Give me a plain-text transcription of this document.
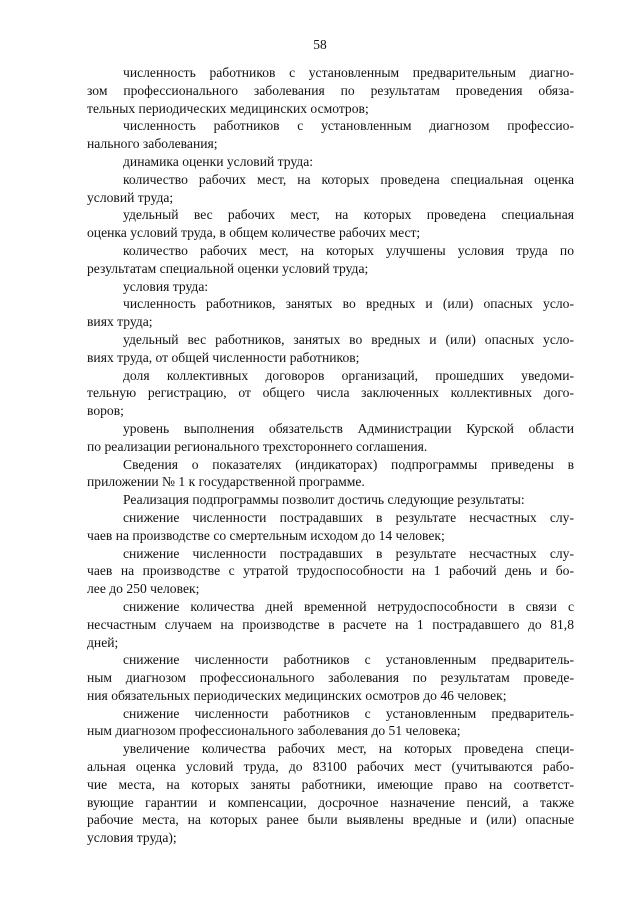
58
численность работников с установленным предварительным диагно-
зом профессионального заболевания по результатам проведения обяза-
тельных периодических медицинских осмотров;
численность работников с установленным диагнозом профессио-
нального заболевания;
динамика оценки условий труда:
количество рабочих мест, на которых проведена специальная оценка
условий труда;
удельный вес рабочих мест, на которых проведена специальная
оценка условий труда, в общем количестве рабочих мест;
количество рабочих мест, на которых улучшены условия труда по
результатам специальной оценки условий труда;
условия труда:
численность работников, занятых во вредных и (или) опасных усло-
виях труда;
удельный вес работников, занятых во вредных и (или) опасных усло-
виях труда, от общей численности работников;
доля коллективных договоров организаций, прошедших уведоми-
тельную регистрацию, от общего числа заключенных коллективных дого-
воров;
уровень выполнения обязательств Администрации Курской области
по реализации регионального трехстороннего соглашения.
Сведения о показателях (индикаторах) подпрограммы приведены в
приложении № 1 к государственной программе.
Реализация подпрограммы позволит достичь следующие результаты:
снижение численности пострадавших в результате несчастных слу-
чаев на производстве со смертельным исходом до 14 человек;
снижение численности пострадавших в результате несчастных слу-
чаев на производстве с утратой трудоспособности на 1 рабочий день и бо-
лее до 250 человек;
снижение количества дней временной нетрудоспособности в связи с
несчастным случаем на производстве в расчете на 1 пострадавшего до 81,8
дней;
снижение численности работников с установленным предваритель-
ным диагнозом профессионального заболевания по результатам проведе-
ния обязательных периодических медицинских осмотров до 46 человек;
снижение численности работников с установленным предваритель-
ным диагнозом профессионального заболевания до 51 человека;
увеличение количества рабочих мест, на которых проведена специ-
альная оценка условий труда, до 83100 рабочих мест (учитываются рабо-
чие места, на которых заняты работники, имеющие право на соответст-
вующие гарантии и компенсации, досрочное назначение пенсий, а также
рабочие места, на которых ранее были выявлены вредные и (или) опасные
условия труда);
